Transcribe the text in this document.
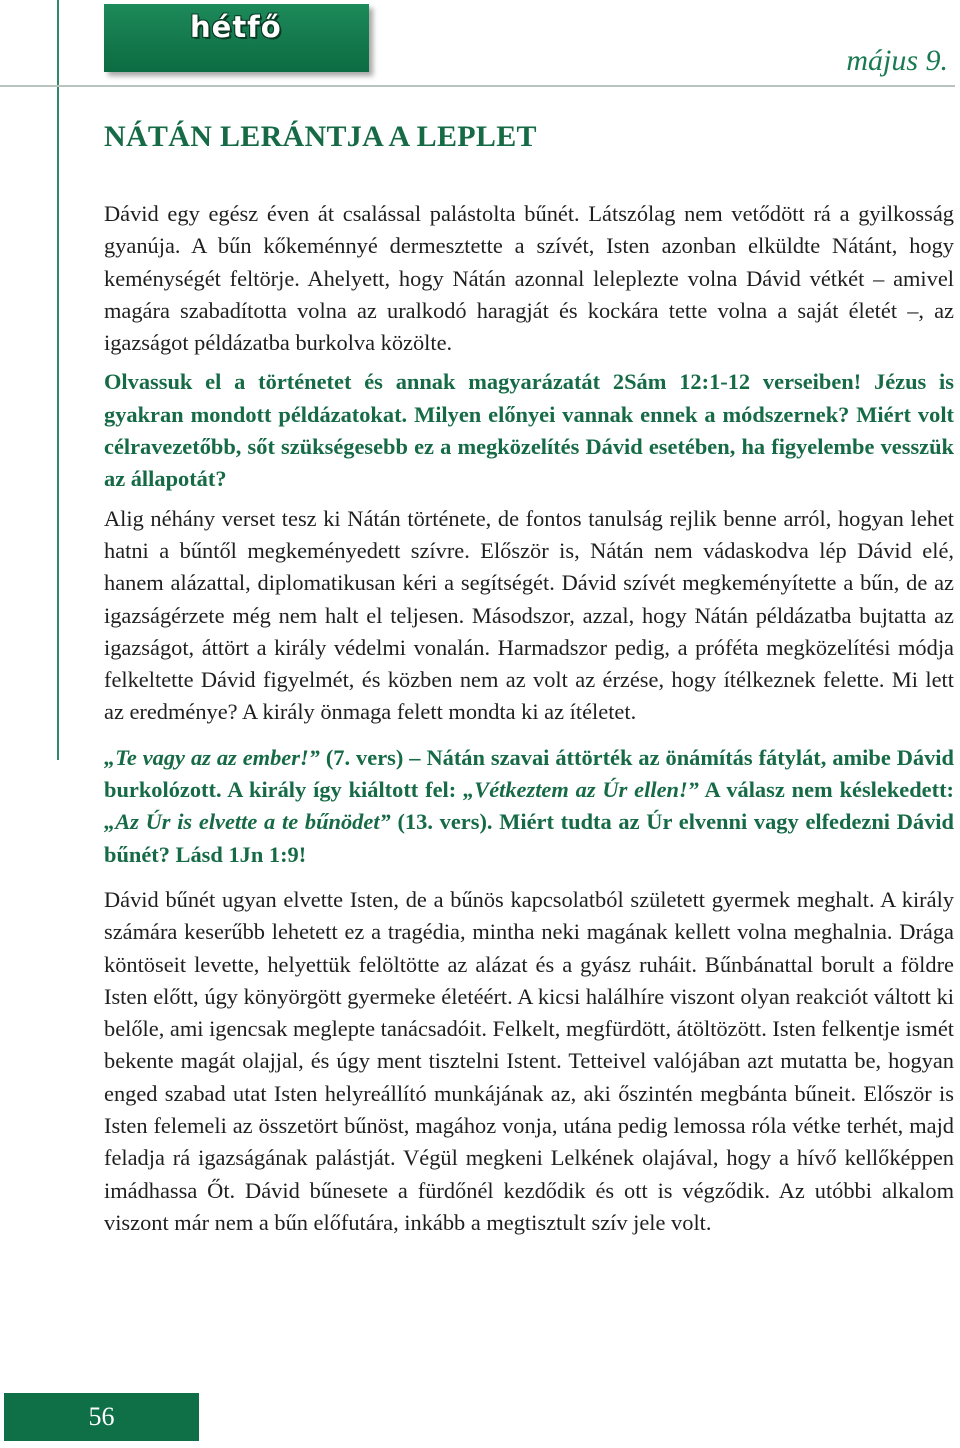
hétfő
május 9.
NÁTÁN LERÁNTJA A LEPLET

Dávid egy egész éven át csalással palástolta bűnét. Látszólag nem vetődött rá a gyilkosság gyanúja. A bűn kőkeménnyé dermesztette a szívét, Isten azonban elküldte Nátánt, hogy keménységét feltörje. Ahelyett, hogy Nátán azonnal leleplezte volna Dávid vétkét – amivel magára szabadította volna az uralkodó haragját és kockára tette volna a saját életét –, az igazságot példázatba burkolva közölte.

Olvassuk el a történetet és annak magyarázatát 2Sám 12:1-12 verseiben! Jézus is gyakran mondott példázatokat. Milyen előnyei vannak ennek a módszernek? Miért volt célravezetőbb, sőt szükségesebb ez a megközelítés Dávid esetében, ha figyelembe vesszük az állapotát?

Alig néhány verset tesz ki Nátán története, de fontos tanulság rejlik benne arról, hogyan lehet hatni a bűntől megkeményedett szívre. Először is, Nátán nem vádaskodva lép Dávid elé, hanem alázattal, diplomatikusan kéri a segítségét. Dávid szívét megkeményítette a bűn, de az igazságérzete még nem halt el teljesen. Másodszor, azzal, hogy Nátán példázatba bujtatta az igazságot, áttört a király védelmi vonalán. Harmadszor pedig, a próféta megközelítési módja felkeltette Dávid figyelmét, és közben nem az volt az érzése, hogy ítélkeznek felette. Mi lett az eredménye? A király önmaga felett mondta ki az ítéletet.

„Te vagy az az ember!” (7. vers) – Nátán szavai áttörték az önámítás fátylát, amibe Dávid burkolózott. A király így kiáltott fel: „Vétkeztem az Úr ellen!” A válasz nem késlekedett: „Az Úr is elvette a te bűnödet” (13. vers). Miért tudta az Úr elvenni vagy elfedezni Dávid bűnét? Lásd 1Jn 1:9!

Dávid bűnét ugyan elvette Isten, de a bűnös kapcsolatból született gyermek meghalt. A király számára keserűbb lehetett ez a tragédia, mintha neki magának kellett volna meghalnia. Drága köntöseit levette, helyettük felöltötte az alázat és a gyász ruháit. Bűnbánattal borult a földre Isten előtt, úgy könyörgött gyermeke életéért. A kicsi halálhíre viszont olyan reakciót váltott ki belőle, ami igencsak meglepte tanácsadóit. Felkelt, megfürdött, átöltözött. Isten felkentje ismét bekente magát olajjal, és úgy ment tisztelni Istent. Tetteivel valójában azt mutatta be, hogyan enged szabad utat Isten helyreállító munkájának az, aki őszintén megbánta bűneit. Először is Isten felemeli az összetört bűnöst, magához vonja, utána pedig lemossa róla vétke terhét, majd feladja rá igazságának palástját. Végül megkeni Lelkének olajával, hogy a hívő kellőképpen imádhassa Őt. Dávid bűnesete a fürdőnél kezdődik és ott is végződik. Az utóbbi alkalom viszont már nem a bűn előfutára, inkább a megtisztult szív jele volt.

56
